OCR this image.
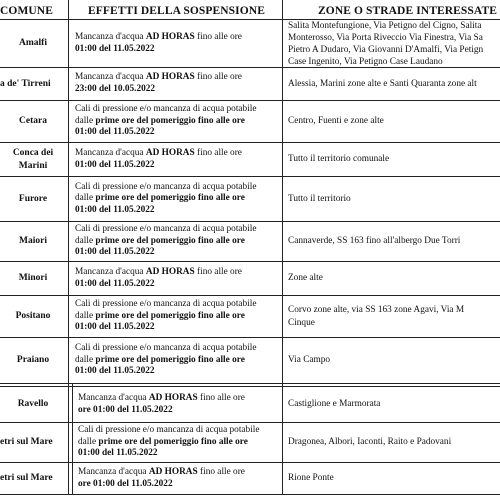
COMUNE	EFFETTI DELLA SOSPENSIONE	ZONE O STRADE INTERESSATE
Amalfi
Mancanza d'acqua AD HORAS fino alle ore
01:00 del 11.05.2022
Salita Montefungione, Via Petigno del Cigno, Salita
Monterosso, Via Porta Riveccio Via Finestra, Via Sa
Pietro A Dudaro, Via Giovanni D'Amalfi, Via Petign
Case Ingenito, Via Petigno Case Laudano
a de' Tirreni
Mancanza d'acqua AD HORAS fino alle ore
23:00 del 10.05.2022
Alessia, Marini zone alte e Santi Quaranta zone alt
Cetara
Cali di pressione e/o mancanza di acqua potabile
dalle prime ore del pomeriggio fino alle ore
01:00 del 11.05.2022
Centro, Fuenti e zone alte
Conca dei
Marini
Mancanza d'acqua AD HORAS fino alle ore
01:00 del 11.05.2022
Tutto il territorio comunale
Furore
Cali di pressione e/o mancanza di acqua potabile
dalle prime ore del pomeriggio fino alle ore
01:00 del 11.05.2022
Tutto il territorio
Maiori
Cali di pressione e/o mancanza di acqua potabile
dalle prime ore del pomeriggio fino alle ore
01:00 del 11.05.2022
Cannaverde, SS 163 fino all'albergo Due Torri
Minori
Mancanza d'acqua AD HORAS fino alle ore
01:00 del 11.05.2022
Zone alte
Positano
Cali di pressione e/o mancanza di acqua potabile
dalle prime ore del pomeriggio fino alle ore
01:00 del 11.05.2022
Corvo zone alte, via SS 163 zone Agavi, Via M
Cinque
Praiano
Cali di pressione e/o mancanza di acqua potabile
dalle prime ore del pomeriggio fino alle ore
01:00 del 11.05.2022
Via Campo
Ravello
Mancanza d'acqua AD HORAS fino alle ore
ore 01:00 del 11.05.2022
Castiglione e Marmorata
etri sul Mare
Cali di pressione e/o mancanza di acqua potabile
dalle prime ore del pomeriggio fino alle ore
01:00 del 11.05.2022
Dragonea, Albori, Iaconti, Raito e Padovani
etri sul Mare
Mancanza d'acqua AD HORAS fino alle ore
ore 01:00 del 11.05.2022
Rione Ponte
